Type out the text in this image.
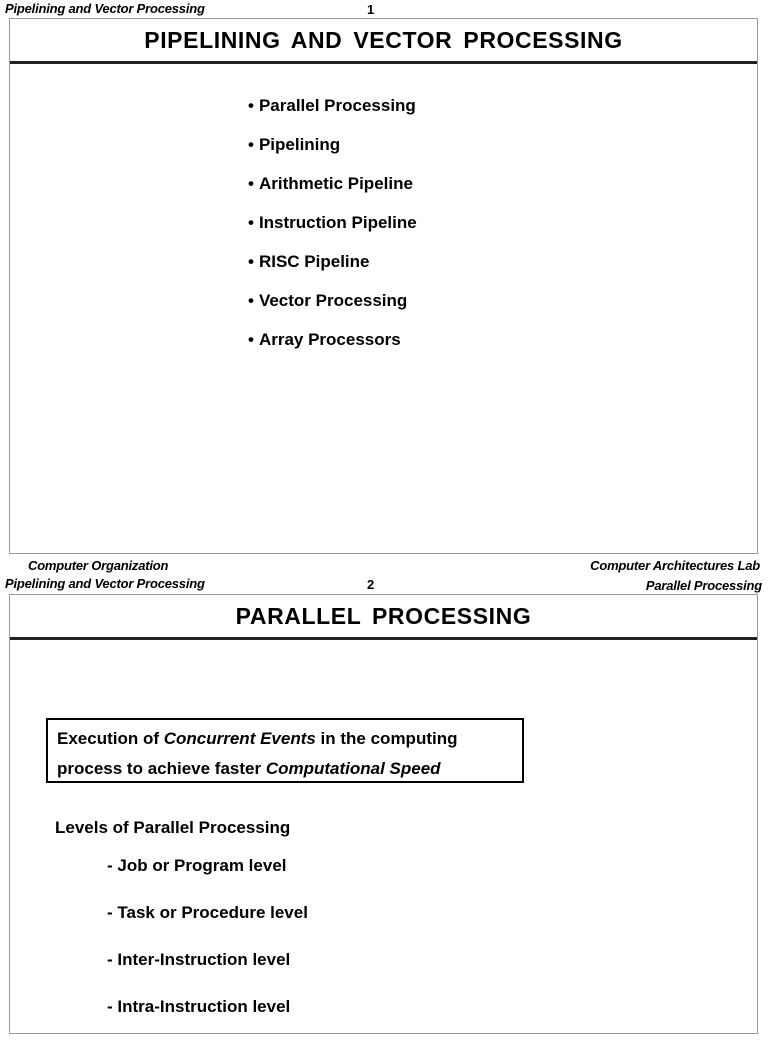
Pipelining and Vector Processing	1
PIPELINING AND VECTOR PROCESSING
• Parallel Processing
• Pipelining
• Arithmetic Pipeline
• Instruction Pipeline
• RISC Pipeline
• Vector Processing
• Array Processors
Computer Organization	Computer Architectures Lab
Pipelining and Vector Processing	2	Parallel Processing
PARALLEL PROCESSING
Execution of Concurrent Events in the computing process to achieve faster Computational Speed
Levels of Parallel Processing
- Job or Program level
- Task or Procedure level
- Inter-Instruction level
- Intra-Instruction level
